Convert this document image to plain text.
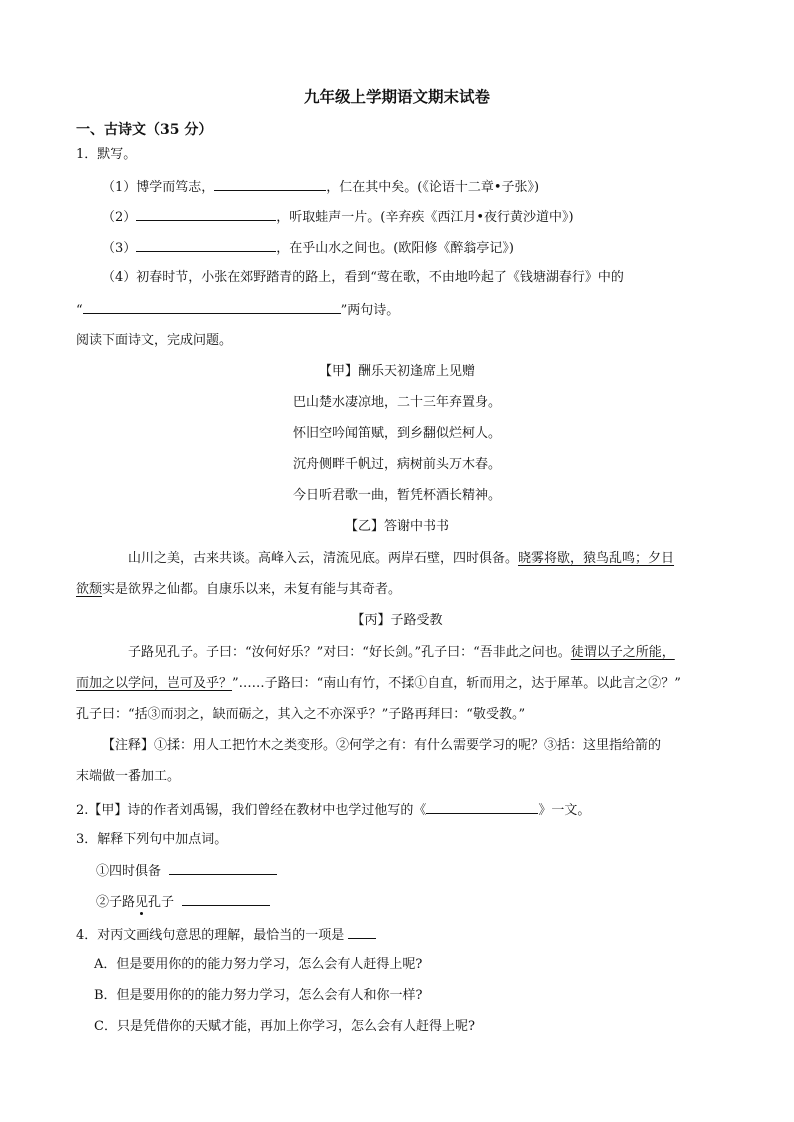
九年级上学期语文期末试卷
一、古诗文（35 分）
1．默写。
（1）博学而笃志，	，仁在其中矣。(《论语十二章•子张》)
（2）	，听取蛙声一片。(辛弃疾《西江月•夜行黄沙道中》)
（3）	，在乎山水之间也。(欧阳修《醉翁亭记》)
（4）初春时节，小张在郊野踏青的路上，看到“莺在歌，不由地吟起了《钱塘湖春行》中的
“	”两句诗。
阅读下面诗文，完成问题。
【甲】酬乐天初逢席上见赠
巴山楚水凄凉地，二十三年弃置身。
怀旧空吟闻笛赋，到乡翻似烂柯人。
沉舟侧畔千帆过，病树前头万木春。
今日听君歌一曲，暂凭杯酒长精神。
【乙】答谢中书书
山川之美，古来共谈。高峰入云，清流见底。两岸石壁，四时俱备。晓雾将歇，猿鸟乱鸣；夕日
欲颓实是欲界之仙都。自康乐以来，未复有能与其奇者。
【丙】子路受教
子路见孔子。子曰：“汝何好乐？”对曰：“好长剑。”孔子曰：“吾非此之问也。徒谓以子之所能，
而加之以学问，岂可及乎？”……子路曰：“南山有竹，不揉①自直，斩而用之，达于犀革。以此言之②？”
孔子曰：“括③而羽之，缺而砺之，其入之不亦深乎？”子路再拜曰：“敬受教。”
【注释】①揉：用人工把竹木之类变形。②何学之有：有什么需要学习的呢？③括：这里指给箭的
末端做一番加工。
2.【甲】诗的作者刘禹锡，我们曾经在教材中也学过他写的《	》一文。
3．解释下列句中加点词。
①四时俱备
②子路见孔子
4．对丙文画线句意思的理解，最恰当的一项是
A．但是要用你的的能力努力学习，怎么会有人赶得上呢?
B．但是要用你的的能力努力学习，怎么会有人和你一样?
C．只是凭借你的天赋才能，再加上你学习，怎么会有人赶得上呢?
